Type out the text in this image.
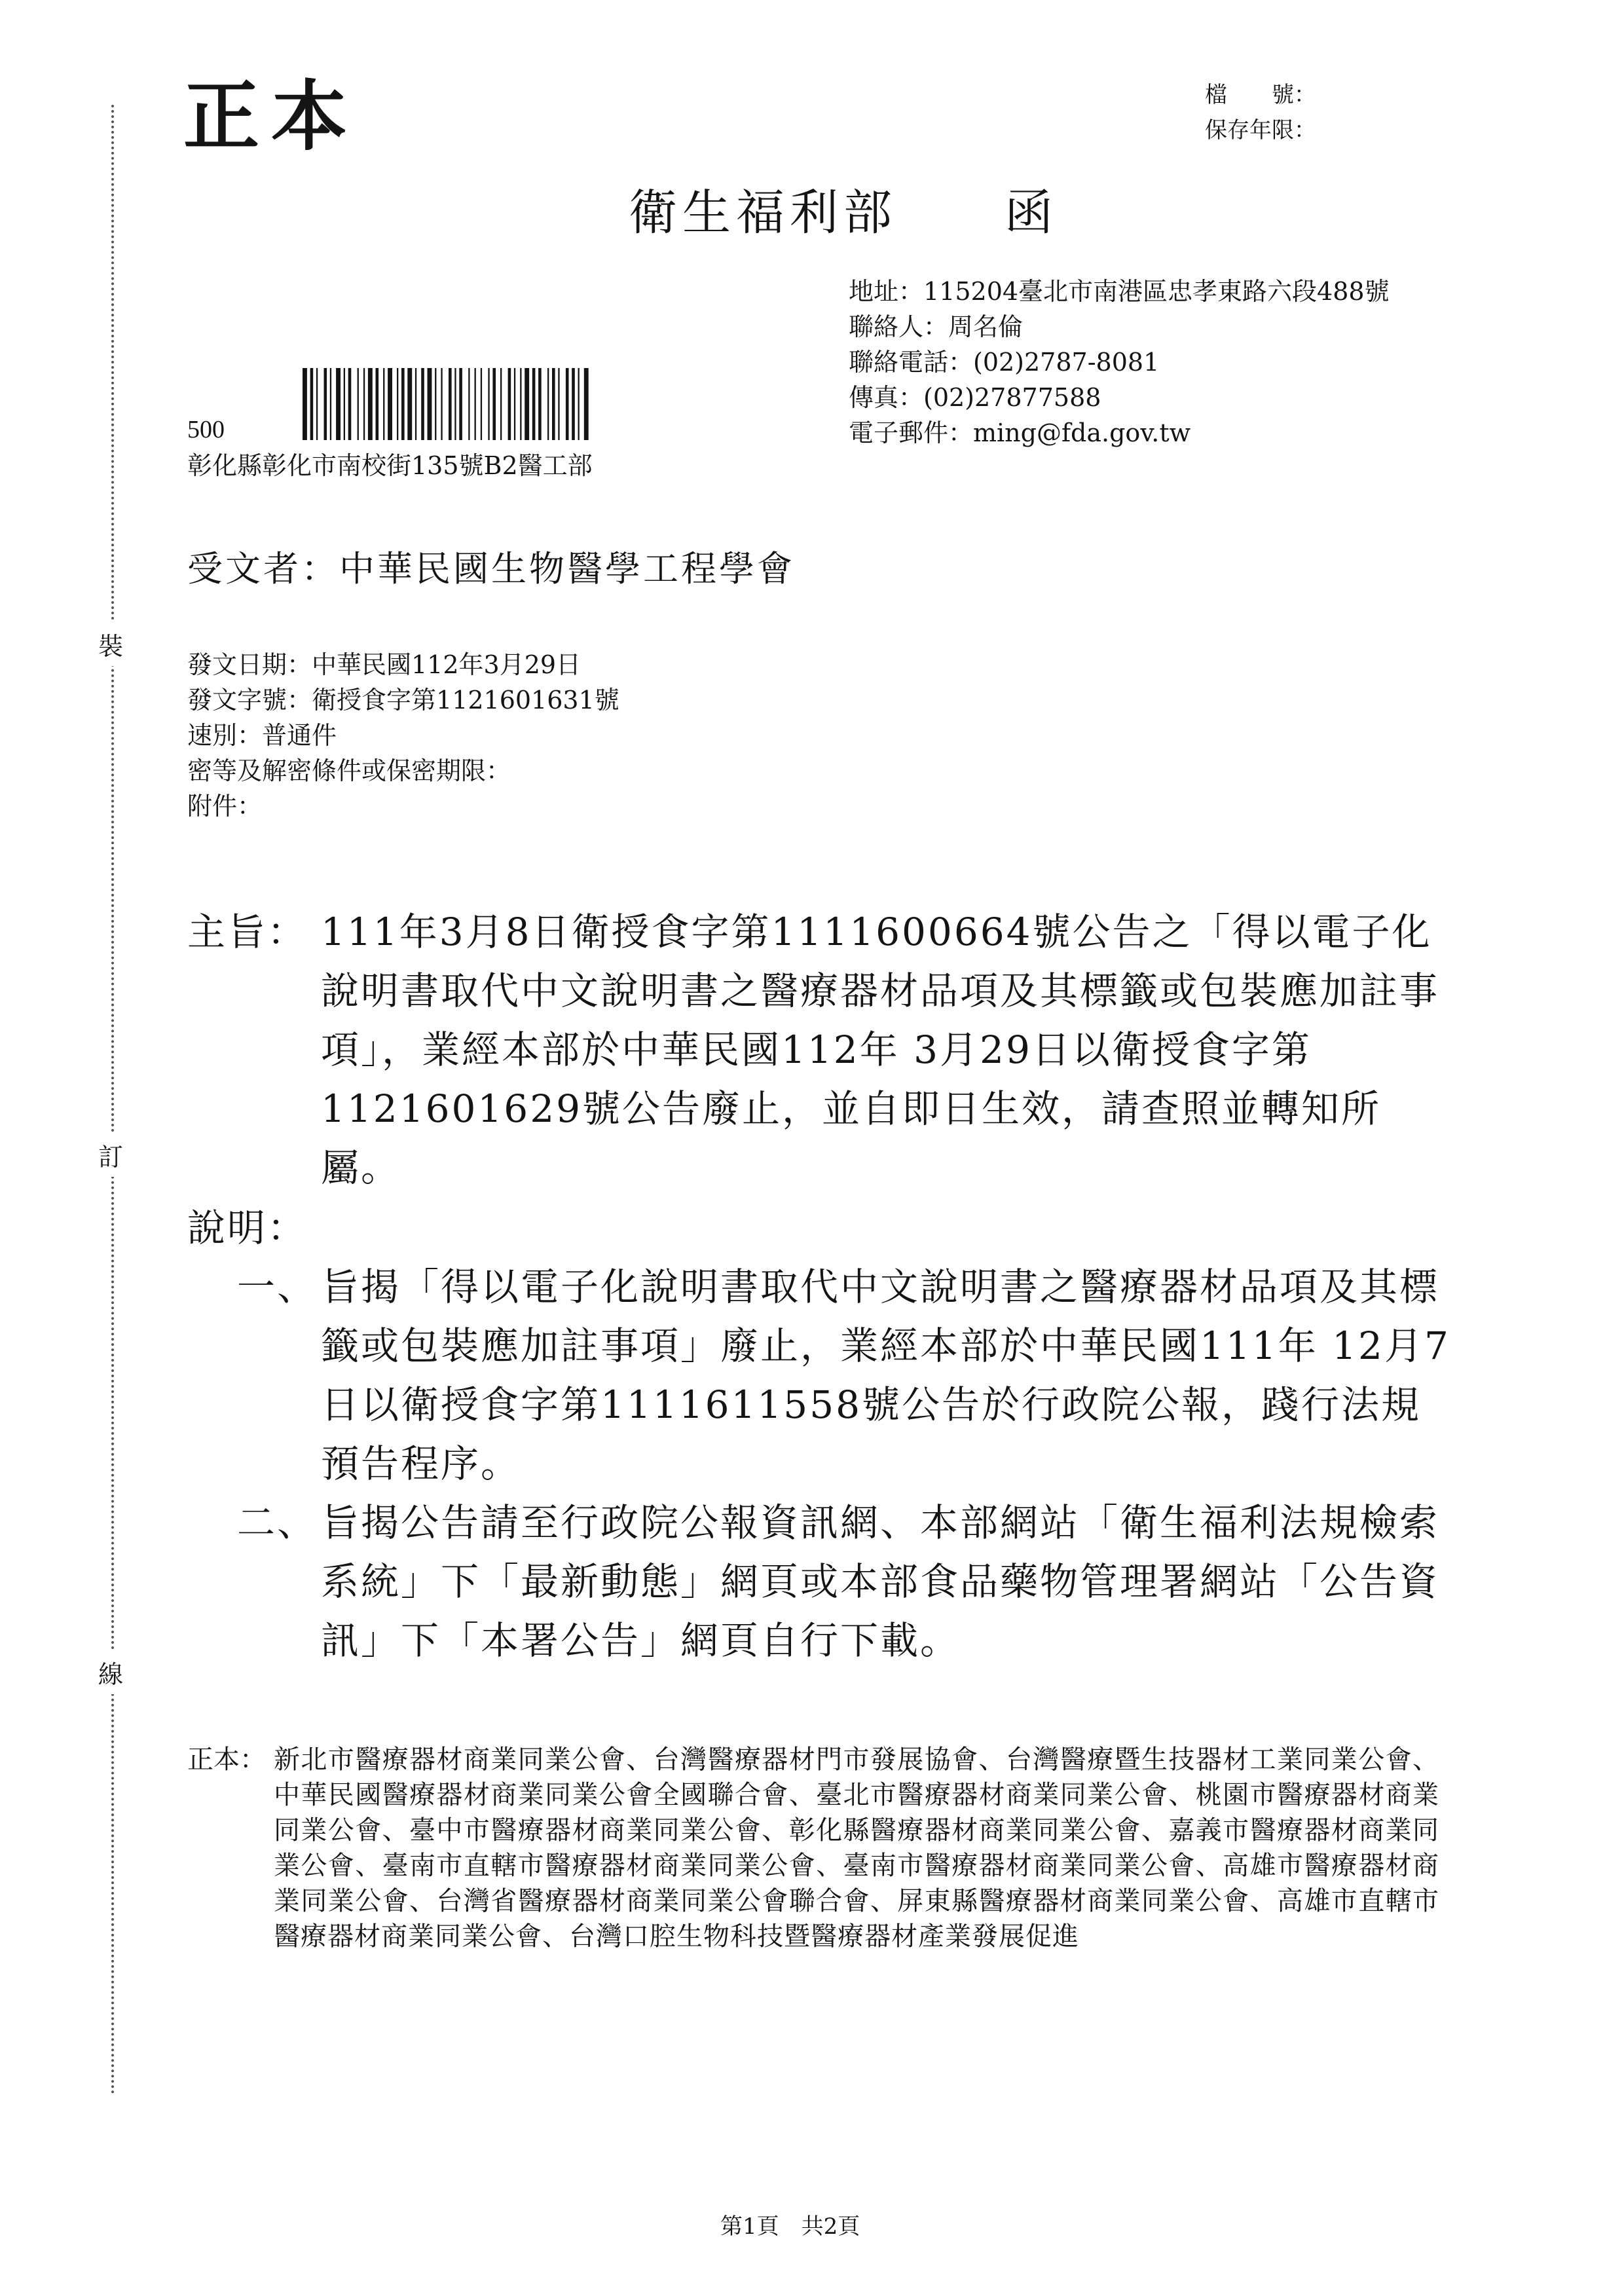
正本	檔　　號：
保存年限：
衛生福利部　　 函
地址：115204臺北市南港區忠孝東路六段488號
聯絡人：周名倫
聯絡電話：(02)2787-8081
傳真：(02)27877588
電子郵件：ming@fda.gov.tw
500
彰化縣彰化市南校街135號B2醫工部
受文者：中華民國生物醫學工程學會
發文日期：中華民國112年3月29日
發文字號：衛授食字第1121601631號
速別：普通件
密等及解密條件或保密期限：
附件：
裝
訂
線
主旨： 111年3月8日衛授食字第1111600664號公告之「得以電子化說明書取代中文說明書之醫療器材品項及其標籤或包裝應加註事項」，業經本部於中華民國112年 3月29日以衛授食字第1121601629號公告廢止，並自即日生效，請查照並轉知所屬。
說明：
一、 旨揭「得以電子化說明書取代中文說明書之醫療器材品項及其標籤或包裝應加註事項」廢止，業經本部於中華民國111年 12月7日以衛授食字第1111611558號公告於行政院公報，踐行法規預告程序。
二、 旨揭公告請至行政院公報資訊網、本部網站「衛生福利法規檢索系統」下「最新動態」網頁或本部食品藥物管理署網站「公告資訊」下「本署公告」網頁自行下載。
正本： 新北市醫療器材商業同業公會、台灣醫療器材門市發展協會、台灣醫療暨生技器材工業同業公會、中華民國醫療器材商業同業公會全國聯合會、臺北市醫療器材商業同業公會、桃園市醫療器材商業同業公會、臺中市醫療器材商業同業公會、彰化縣醫療器材商業同業公會、嘉義市醫療器材商業同業公會、臺南市直轄市醫療器材商業同業公會、臺南市醫療器材商業同業公會、高雄市醫療器材商業同業公會、台灣省醫療器材商業同業公會聯合會、屏東縣醫療器材商業同業公會、高雄市直轄市醫療器材商業同業公會、台灣口腔生物科技暨醫療器材產業發展促進
第1頁　 共2頁
